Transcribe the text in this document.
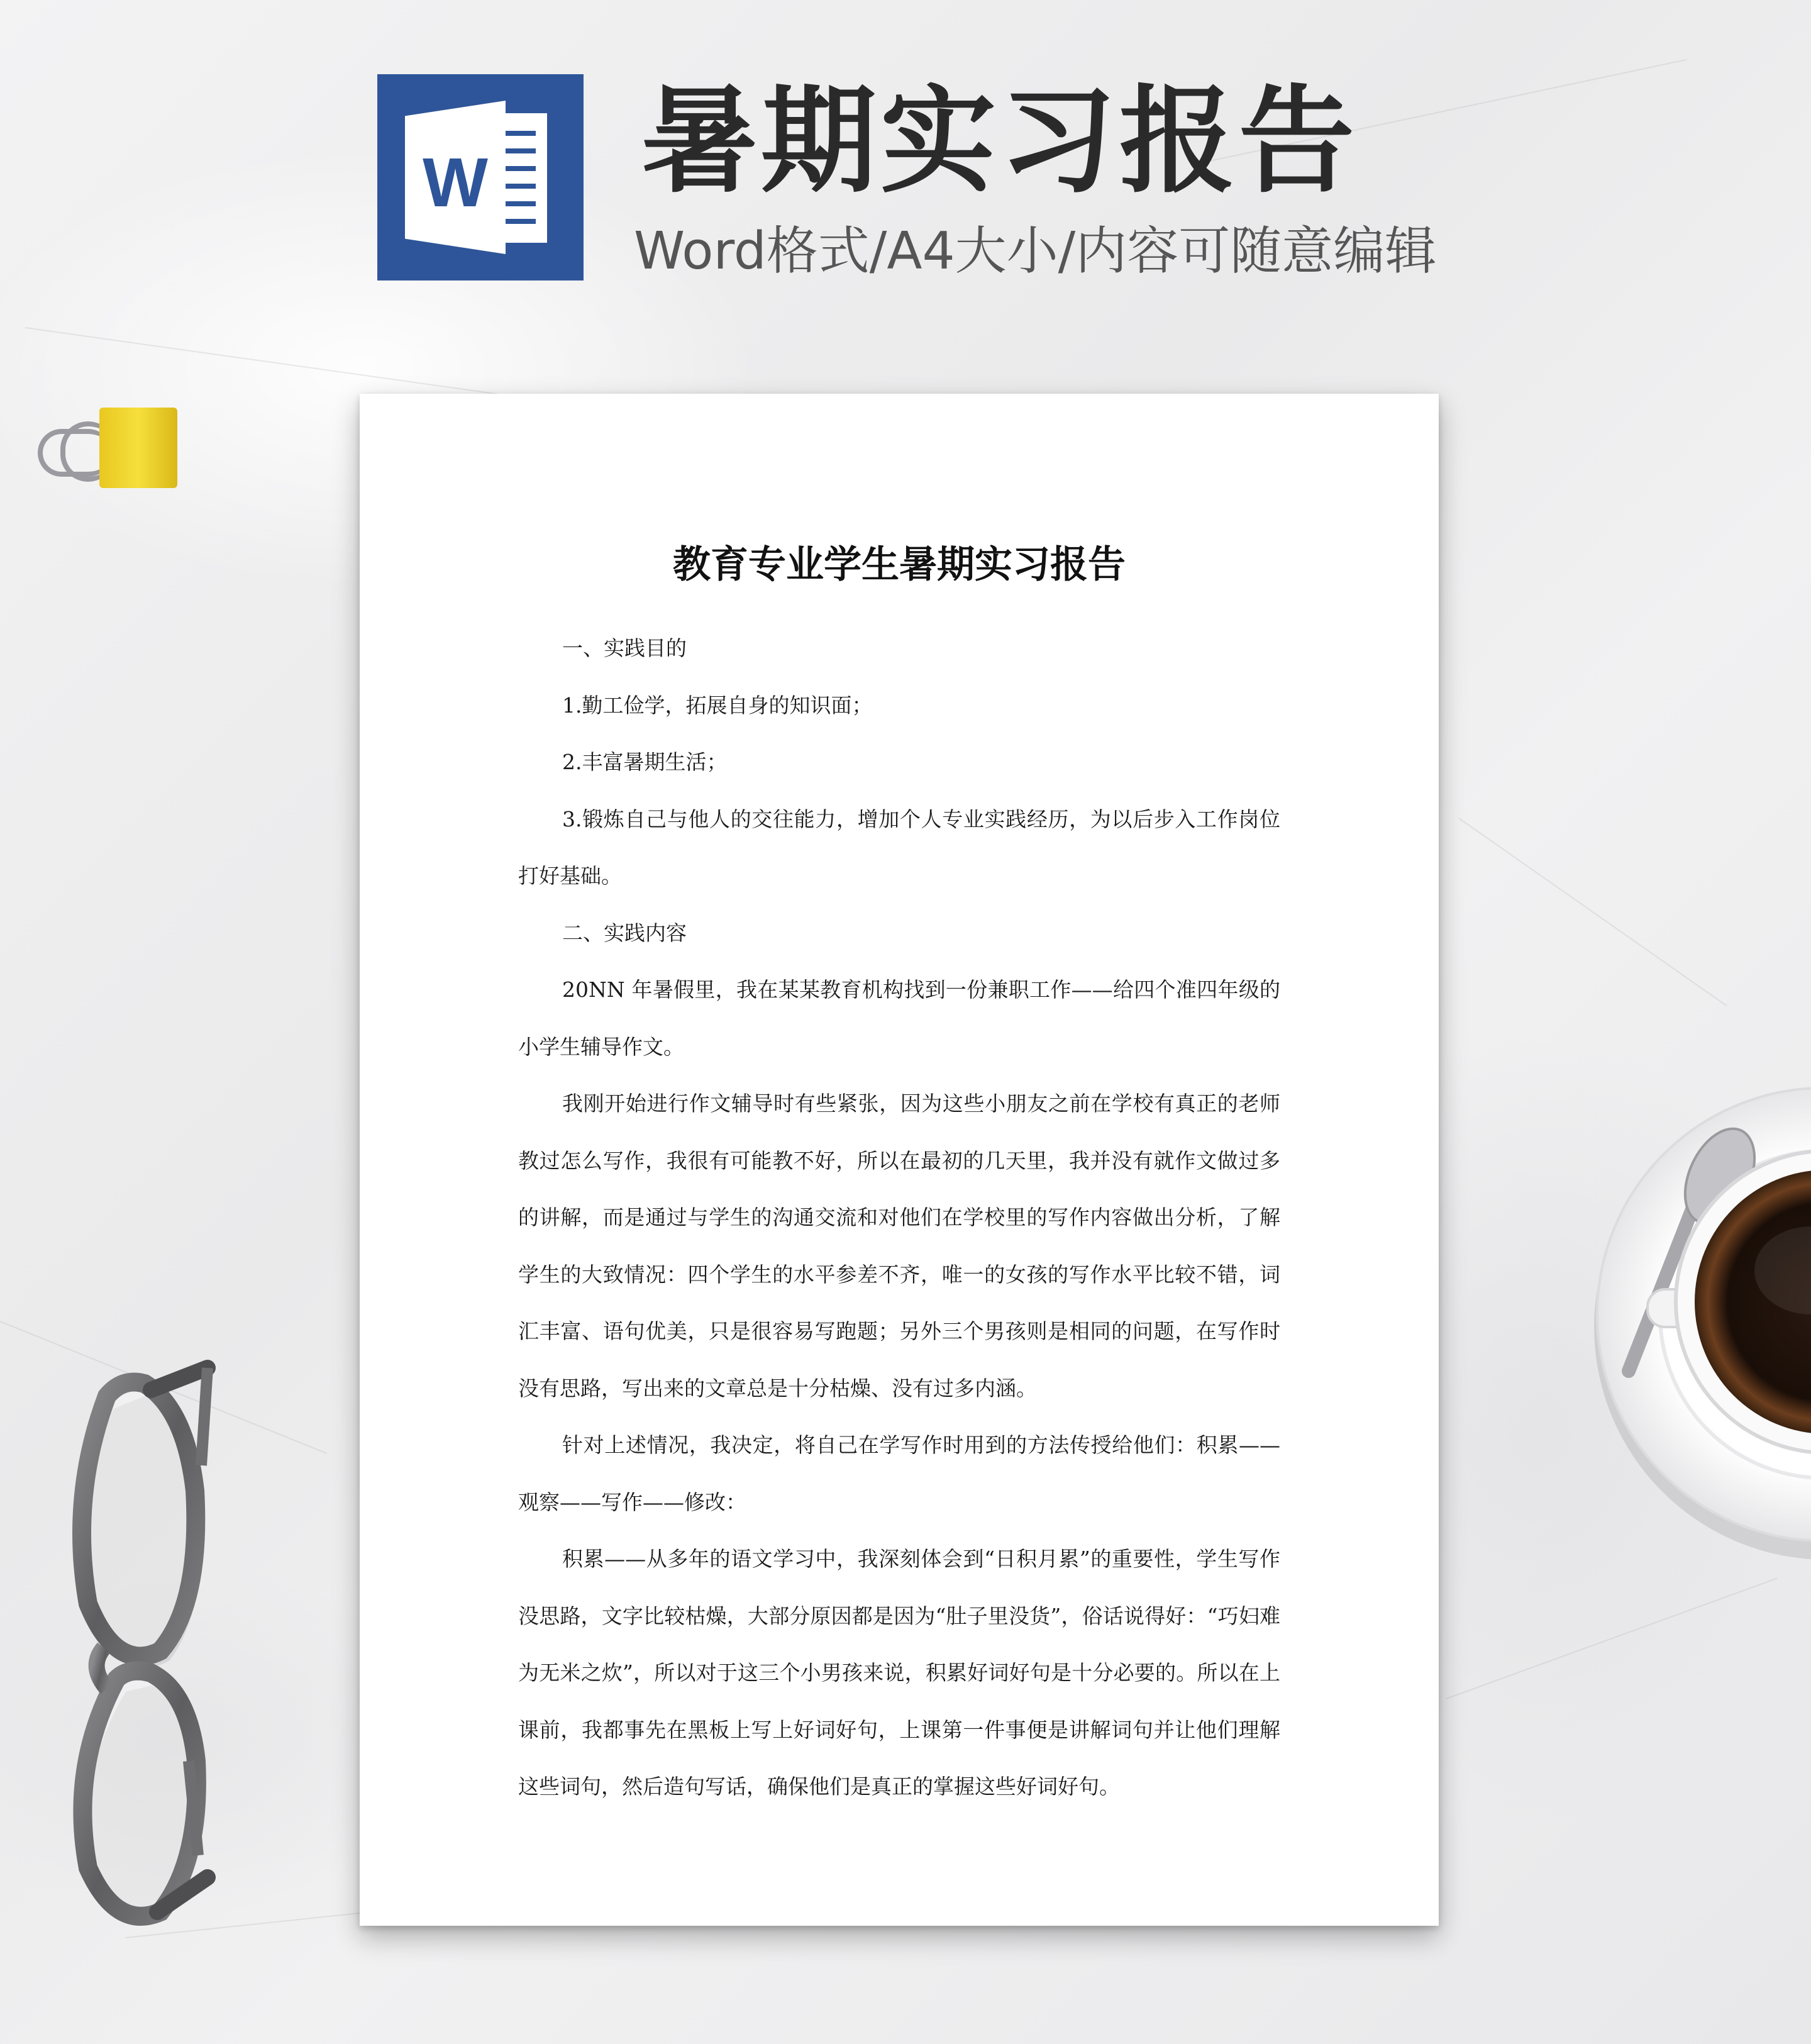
W 暑期实习报告
Word格式/A4大小/内容可随意编辑
教育专业学生暑期实习报告

一、实践目的

1.勤工俭学，拓展自身的知识面；

2.丰富暑期生活；

3.锻炼自己与他人的交往能力，增加个人专业实践经历，为以后步入工作岗位打好基础。

二、实践内容

20NN 年暑假里，我在某某教育机构找到一份兼职工作——给四个准四年级的小学生辅导作文。

我刚开始进行作文辅导时有些紧张，因为这些小朋友之前在学校有真正的老师教过怎么写作，我很有可能教不好，所以在最初的几天里，我并没有就作文做过多的讲解，而是通过与学生的沟通交流和对他们在学校里的写作内容做出分析，了解学生的大致情况：四个学生的水平参差不齐，唯一的女孩的写作水平比较不错，词汇丰富、语句优美，只是很容易写跑题；另外三个男孩则是相同的问题，在写作时没有思路，写出来的文章总是十分枯燥、没有过多内涵。

针对上述情况，我决定，将自己在学写作时用到的方法传授给他们：积累——观察——写作——修改：

积累——从多年的语文学习中，我深刻体会到“日积月累”的重要性，学生写作没思路，文字比较枯燥，大部分原因都是因为“肚子里没货”，俗话说得好：“巧妇难为无米之炊”，所以对于这三个小男孩来说，积累好词好句是十分必要的。所以在上课前，我都事先在黑板上写上好词好句，上课第一件事便是讲解词句并让他们理解这些词句，然后造句写话，确保他们是真正的掌握这些好词好句。
